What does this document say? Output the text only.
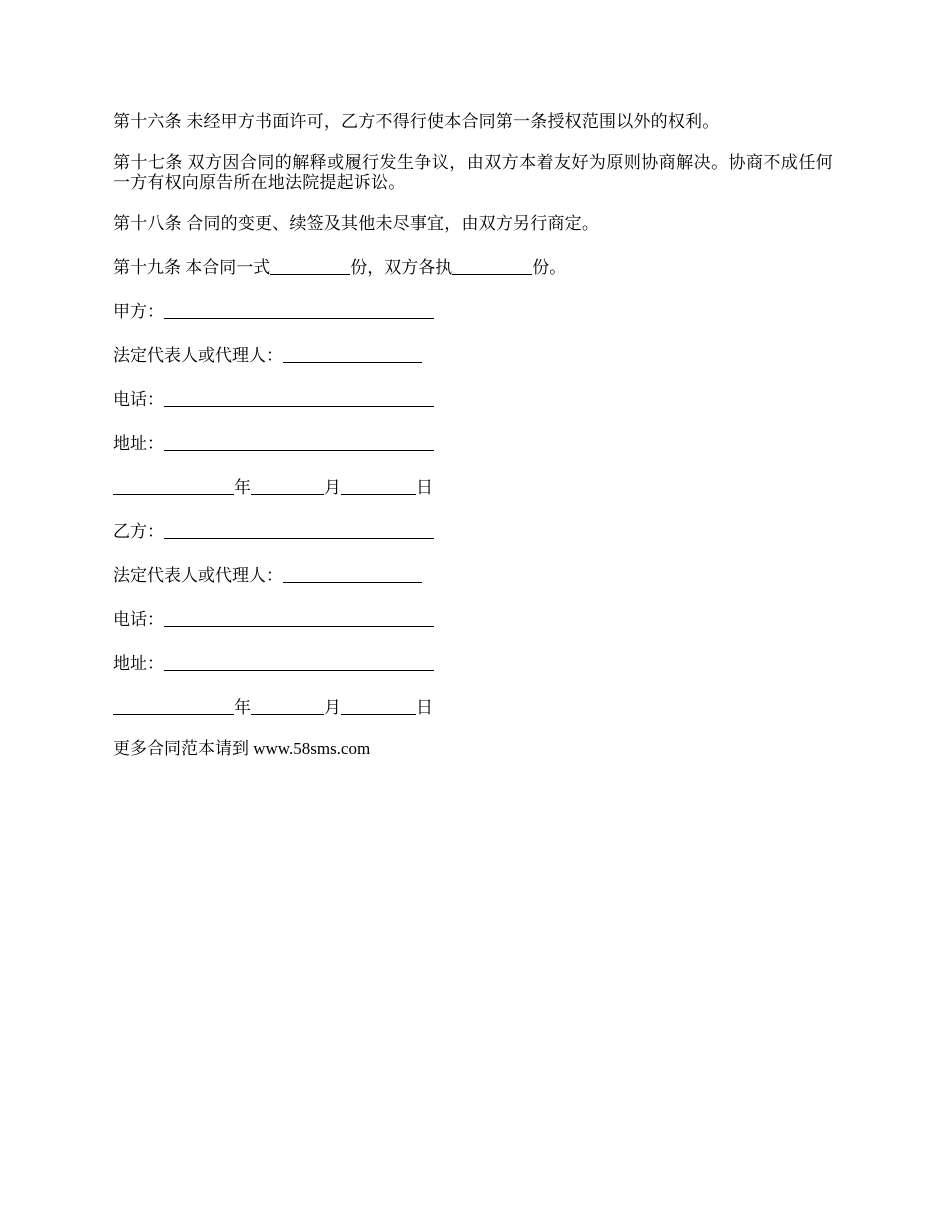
第十六条 未经甲方书面许可，乙方不得行使本合同第一条授权范围以外的权利。

第十七条 双方因合同的解释或履行发生争议，由双方本着友好为原则协商解决。协商不成任何一方有权向原告所在地法院提起诉讼。

第十八条 合同的变更、续签及其他未尽事宜，由双方另行商定。

第十九条 本合同一式	份，双方各执	份。

甲方：

法定代表人或代理人：

电话：

地址：

年	月	日

乙方：

法定代表人或代理人：

电话：

地址：

年	月	日

更多合同范本请到 www.58sms.com
